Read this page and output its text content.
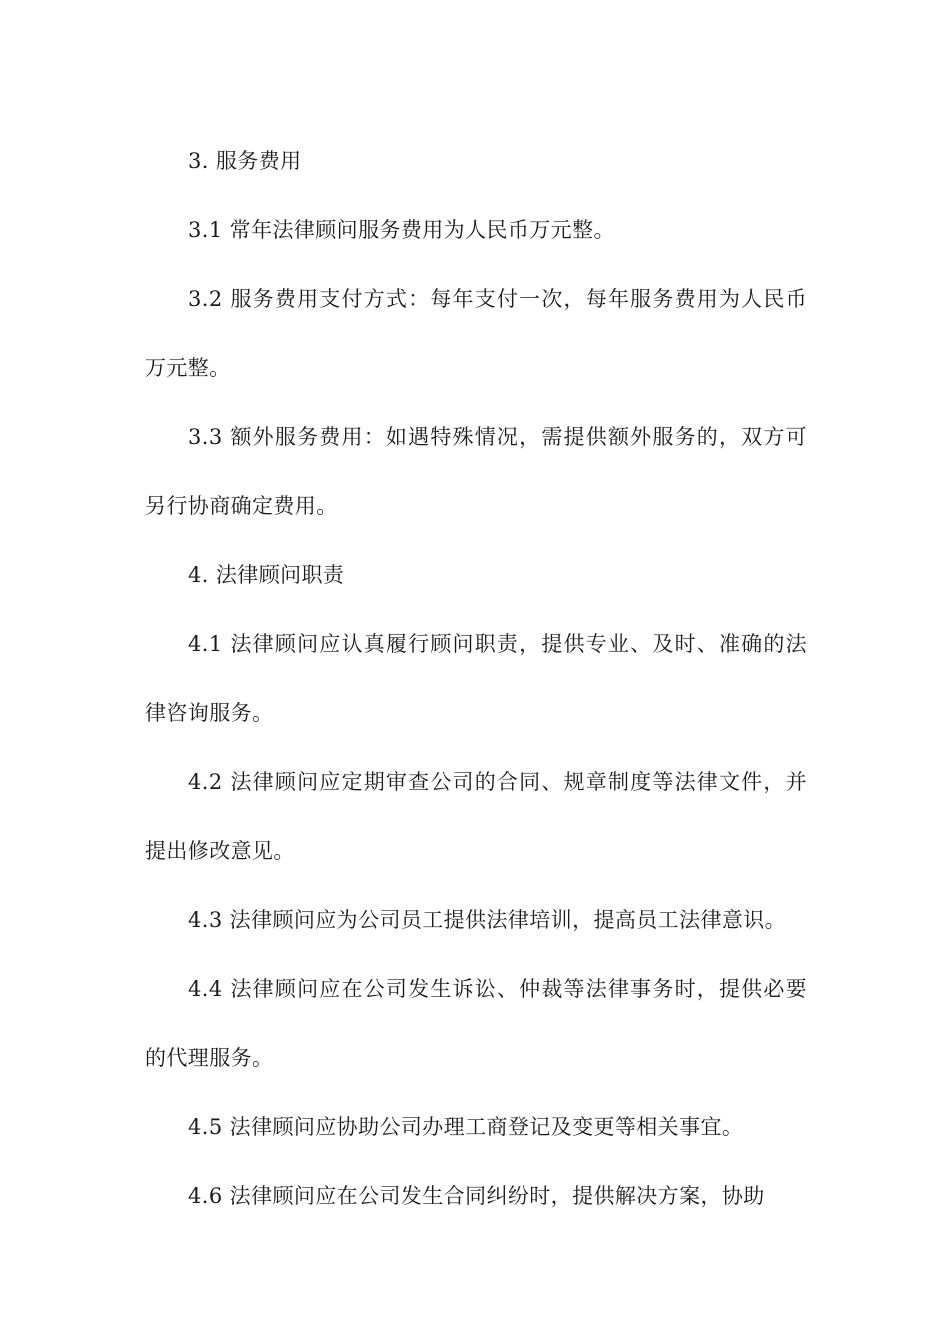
3. 服务费用

3.1 常年法律顾问服务费用为人民币万元整。

3.2 服务费用支付方式：每年支付一次，每年服务费用为人民币万元整。

3.3 额外服务费用：如遇特殊情况，需提供额外服务的，双方可另行协商确定费用。

4. 法律顾问职责

4.1 法律顾问应认真履行顾问职责，提供专业、及时、准确的法律咨询服务。

4.2 法律顾问应定期审查公司的合同、规章制度等法律文件，并提出修改意见。

4.3 法律顾问应为公司员工提供法律培训，提高员工法律意识。

4.4 法律顾问应在公司发生诉讼、仲裁等法律事务时，提供必要的代理服务。

4.5 法律顾问应协助公司办理工商登记及变更等相关事宜。

4.6 法律顾问应在公司发生合同纠纷时，提供解决方案，协助
